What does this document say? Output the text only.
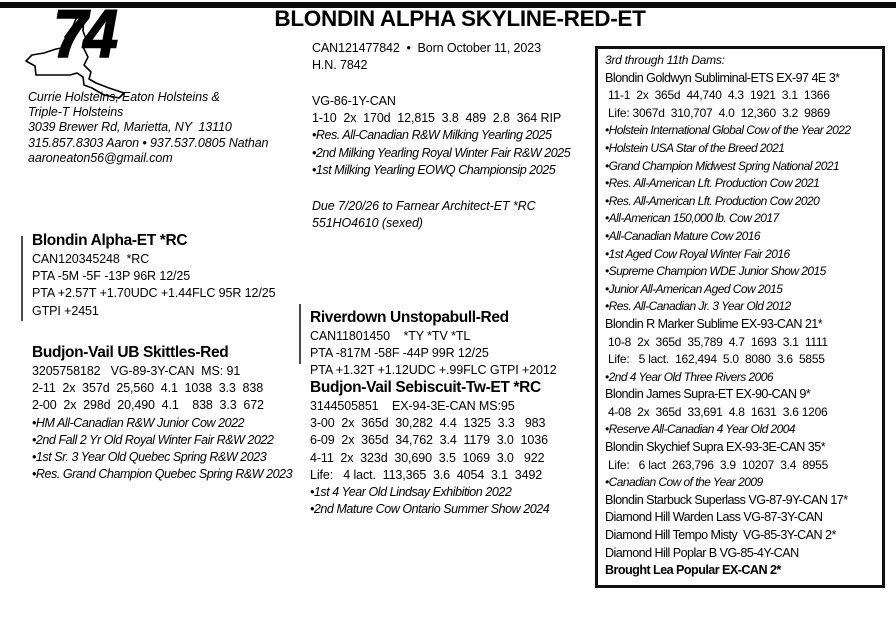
74	BLONDIN ALPHA SKYLINE-RED-ET
CAN121477842  •  Born October 11, 2023
H.N. 7842
Currie Holsteins, Eaton Holsteins &
Triple-T Holsteins
3039 Brewer Rd, Marietta, NY  13110
315.857.8303 Aaron • 937.537.0805 Nathan
aaroneaton56@gmail.com
VG-86-1Y-CAN
1-10  2x  170d  12,815  3.8  489  2.8  364 RIP
•Res. All-Canadian R&W Milking Yearling 2025
•2nd Milking Yearling Royal Winter Fair R&W 2025
•1st Milking Yearling EOWQ Championsip 2025
Due 7/20/26 to Farnear Architect-ET *RC
551HO4610 (sexed)
Blondin Alpha-ET *RC
CAN120345248  *RC
PTA -5M -5F -13P 96R 12/25
PTA +2.57T +1.70UDC +1.44FLC 95R 12/25
GTPI +2451
Budjon-Vail UB Skittles-Red
3205758182   VG-89-3Y-CAN  MS: 91
2-11  2x  357d  25,560  4.1  1038  3.3  838
2-00  2x  298d  20,490  4.1    838  3.3  672
•HM All-Canadian R&W Junior Cow 2022
•2nd Fall 2 Yr Old Royal Winter Fair R&W 2022
•1st Sr. 3 Year Old Quebec Spring R&W 2023
•Res. Grand Champion Quebec Spring R&W 2023
Riverdown Unstopabull-Red
CAN11801450    *TY *TV *TL
PTA -817M -58F -44P 99R 12/25
PTA +1.32T +1.12UDC +.99FLC GTPI +2012
Budjon-Vail Sebiscuit-Tw-ET *RC
3144505851    EX-94-3E-CAN MS:95
3-00  2x  365d  30,282  4.4  1325  3.3   983
6-09  2x  365d  34,762  3.4  1179  3.0  1036
4-11  2x  323d  30,690  3.5  1069  3.0   922
Life:   4 lact.  113,365  3.6  4054  3.1  3492
•1st 4 Year Old Lindsay Exhibition 2022
•2nd Mature Cow Ontario Summer Show 2024
3rd through 11th Dams:
Blondin Goldwyn Subliminal-ETS EX-97 4E 3*
11-1  2x  365d  44,740  4.3  1921  3.1  1366
Life: 3067d  310,707  4.0  12,360  3.2  9869
•Holstein International Global Cow of the Year 2022
•Holstein USA Star of the Breed 2021
•Grand Champion Midwest Spring National 2021
•Res. All-American Lft. Production Cow 2021
•Res. All-American Lft. Production Cow 2020
•All-American 150,000 lb. Cow 2017
•All-Canadian Mature Cow 2016
•1st Aged Cow Royal Winter Fair 2016
•Supreme Champion WDE Junior Show 2015
•Junior All-American Aged Cow 2015
•Res. All-Canadian Jr. 3 Year Old 2012
Blondin R Marker Sublime EX-93-CAN 21*
10-8  2x  365d  35,789  4.7  1693  3.1  1111
Life:   5 lact.  162,494  5.0  8080  3.6  5855
•2nd 4 Year Old Three Rivers 2006
Blondin James Supra-ET EX-90-CAN 9*
4-08  2x  365d  33,691  4.8  1631  3.6 1206
•Reserve All-Canadian 4 Year Old 2004
Blondin Skychief Supra EX-93-3E-CAN 35*
Life:   6 lact  263,796  3.9  10207  3.4  8955
•Canadian Cow of the Year 2009
Blondin Starbuck Superlass VG-87-9Y-CAN 17*
Diamond Hill Warden Lass VG-87-3Y-CAN
Diamond Hill Tempo Misty  VG-85-3Y-CAN 2*
Diamond Hill Poplar B VG-85-4Y-CAN
Brought Lea Popular EX-CAN 2*
